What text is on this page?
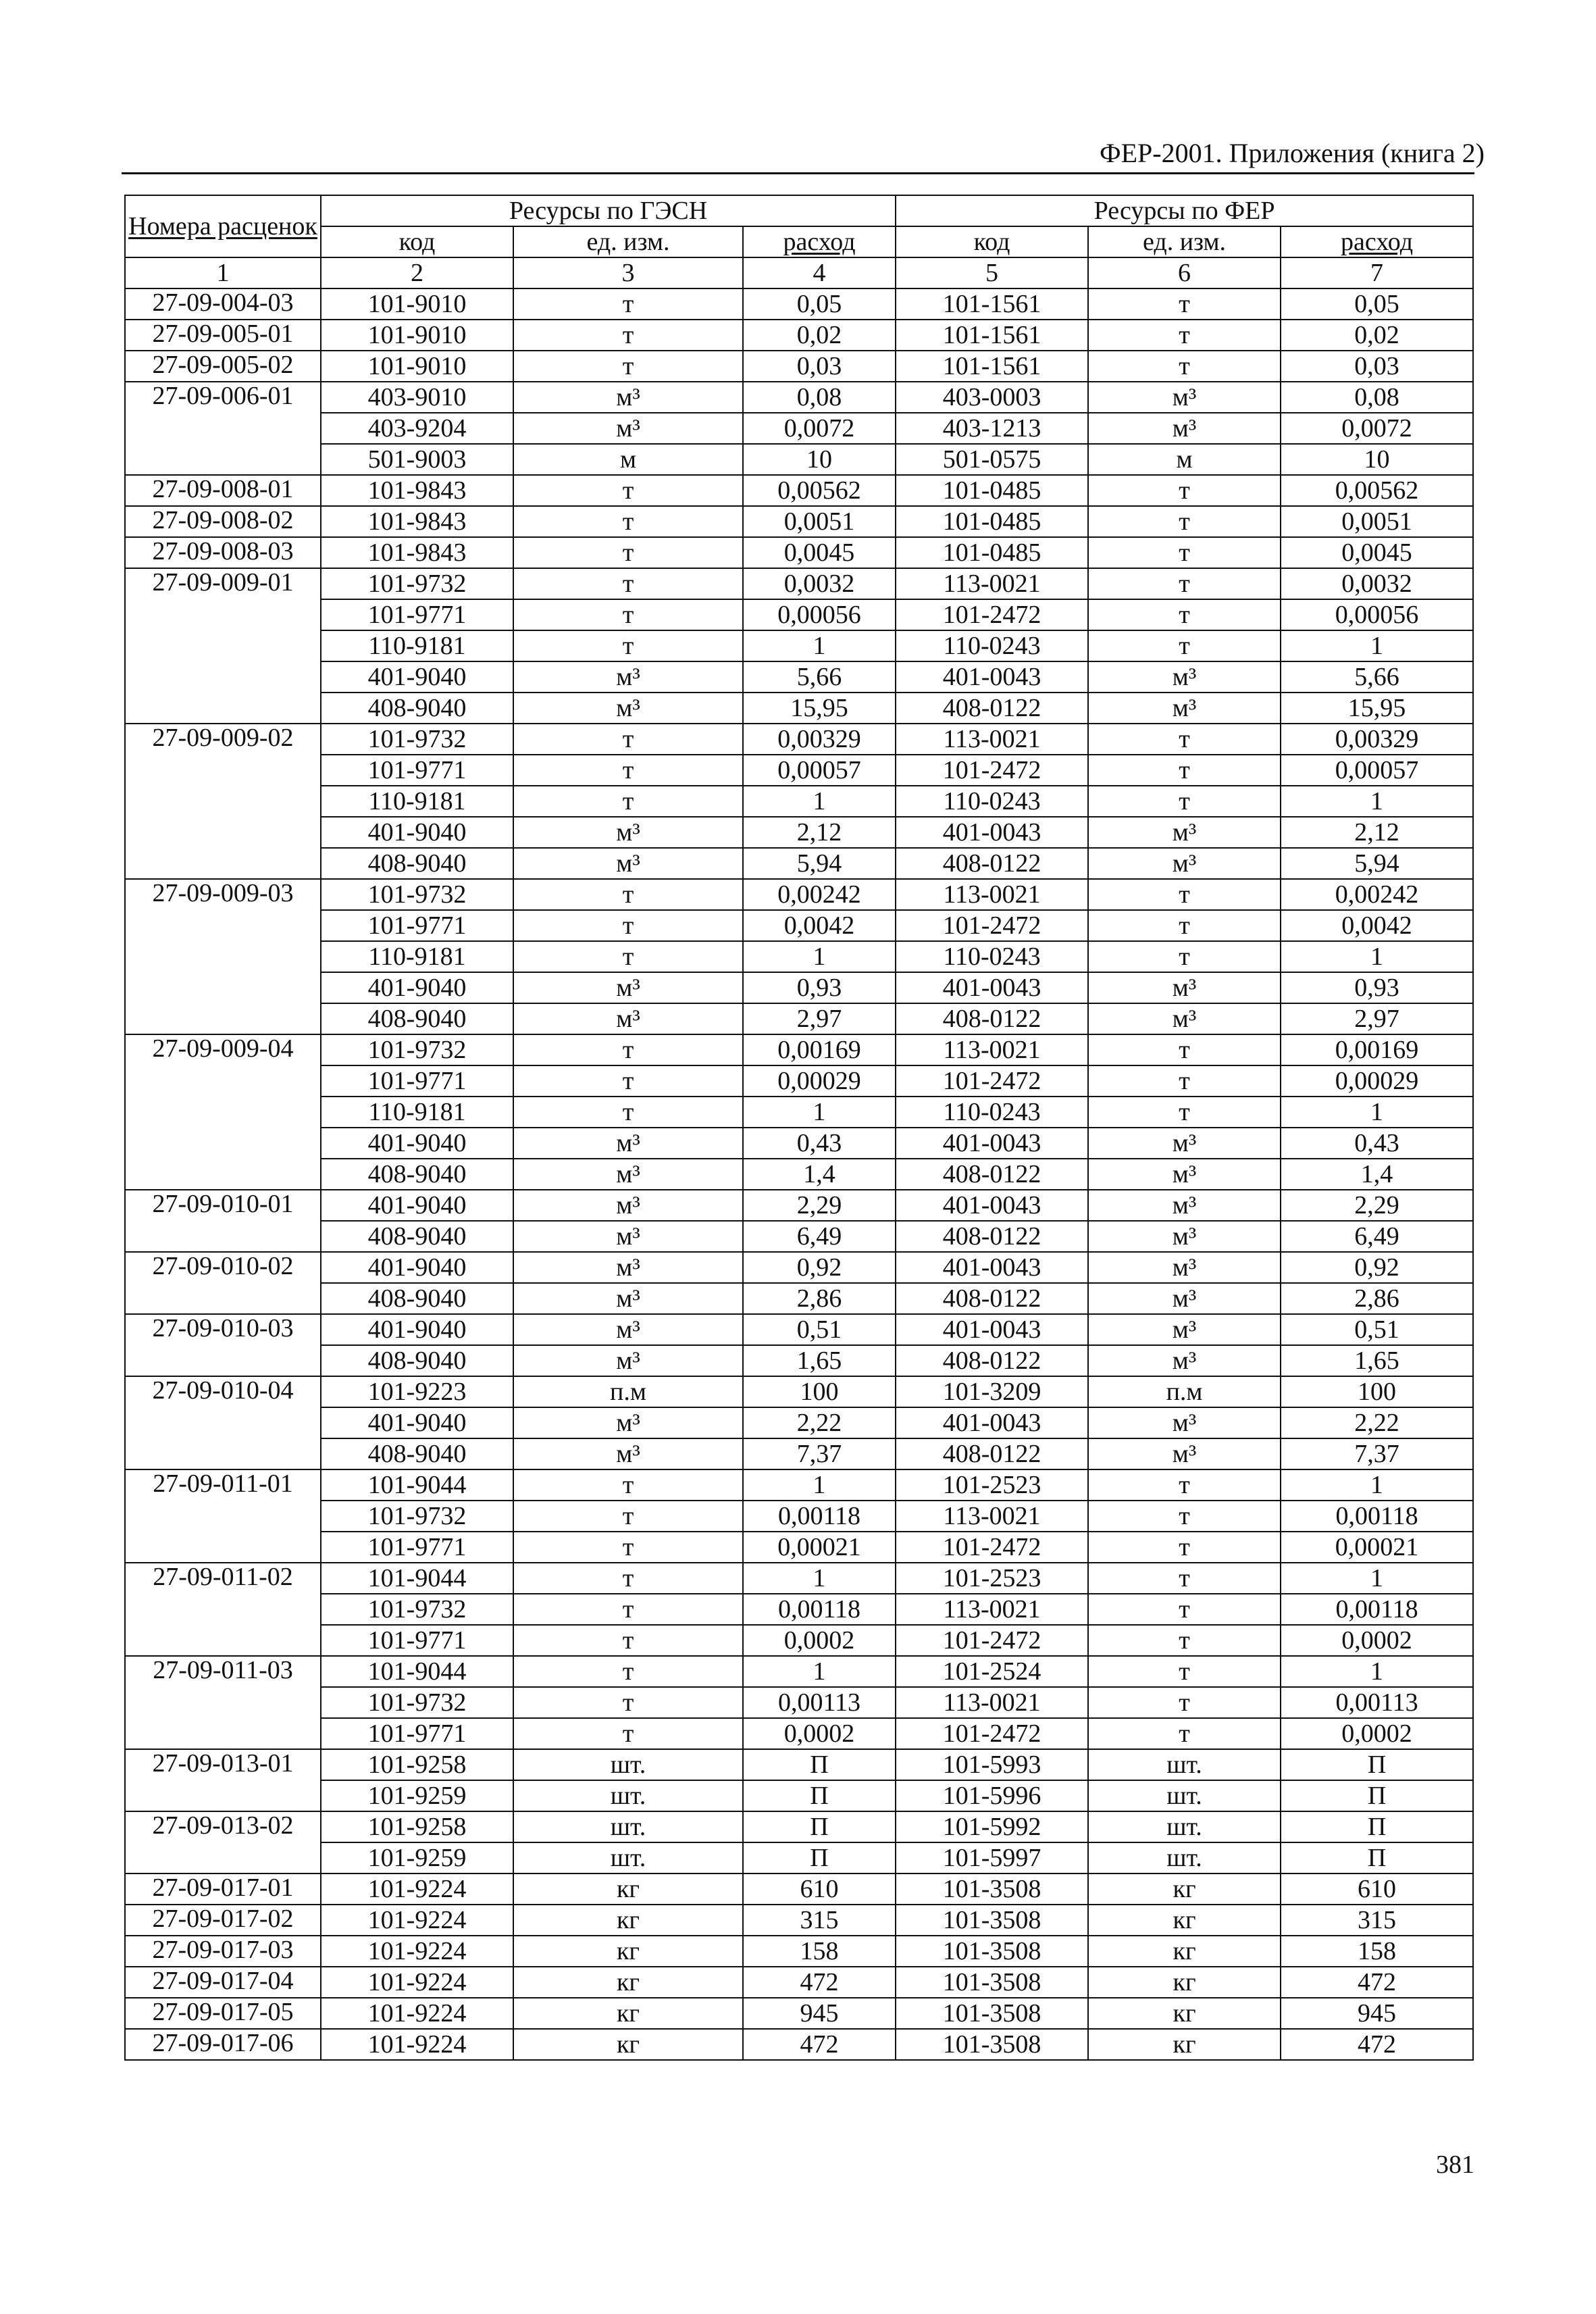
ФЕР-2001. Приложения (книга 2)
Номера расценок	Ресурсы по ГЭСН			Ресурсы по ФЕР		
	код	ед. изм.	расход	код	ед. изм.	расход
1	2	3	4	5	6	7
27-09-004-03	101-9010	т	0,05	101-1561	т	0,05
27-09-005-01	101-9010	т	0,02	101-1561	т	0,02
27-09-005-02	101-9010	т	0,03	101-1561	т	0,03
27-09-006-01	403-9010	м³	0,08	403-0003	м³	0,08
	403-9204	м³	0,0072	403-1213	м³	0,0072
	501-9003	м	10	501-0575	м	10
27-09-008-01	101-9843	т	0,00562	101-0485	т	0,00562
27-09-008-02	101-9843	т	0,0051	101-0485	т	0,0051
27-09-008-03	101-9843	т	0,0045	101-0485	т	0,0045
27-09-009-01	101-9732	т	0,0032	113-0021	т	0,0032
	101-9771	т	0,00056	101-2472	т	0,00056
	110-9181	т	1	110-0243	т	1
	401-9040	м³	5,66	401-0043	м³	5,66
	408-9040	м³	15,95	408-0122	м³	15,95
27-09-009-02	101-9732	т	0,00329	113-0021	т	0,00329
	101-9771	т	0,00057	101-2472	т	0,00057
	110-9181	т	1	110-0243	т	1
	401-9040	м³	2,12	401-0043	м³	2,12
	408-9040	м³	5,94	408-0122	м³	5,94
27-09-009-03	101-9732	т	0,00242	113-0021	т	0,00242
	101-9771	т	0,0042	101-2472	т	0,0042
	110-9181	т	1	110-0243	т	1
	401-9040	м³	0,93	401-0043	м³	0,93
	408-9040	м³	2,97	408-0122	м³	2,97
27-09-009-04	101-9732	т	0,00169	113-0021	т	0,00169
	101-9771	т	0,00029	101-2472	т	0,00029
	110-9181	т	1	110-0243	т	1
	401-9040	м³	0,43	401-0043	м³	0,43
	408-9040	м³	1,4	408-0122	м³	1,4
27-09-010-01	401-9040	м³	2,29	401-0043	м³	2,29
	408-9040	м³	6,49	408-0122	м³	6,49
27-09-010-02	401-9040	м³	0,92	401-0043	м³	0,92
	408-9040	м³	2,86	408-0122	м³	2,86
27-09-010-03	401-9040	м³	0,51	401-0043	м³	0,51
	408-9040	м³	1,65	408-0122	м³	1,65
27-09-010-04	101-9223	п.м	100	101-3209	п.м	100
	401-9040	м³	2,22	401-0043	м³	2,22
	408-9040	м³	7,37	408-0122	м³	7,37
27-09-011-01	101-9044	т	1	101-2523	т	1
	101-9732	т	0,00118	113-0021	т	0,00118
	101-9771	т	0,00021	101-2472	т	0,00021
27-09-011-02	101-9044	т	1	101-2523	т	1
	101-9732	т	0,00118	113-0021	т	0,00118
	101-9771	т	0,0002	101-2472	т	0,0002
27-09-011-03	101-9044	т	1	101-2524	т	1
	101-9732	т	0,00113	113-0021	т	0,00113
	101-9771	т	0,0002	101-2472	т	0,0002
27-09-013-01	101-9258	шт.	П	101-5993	шт.	П
	101-9259	шт.	П	101-5996	шт.	П
27-09-013-02	101-9258	шт.	П	101-5992	шт.	П
	101-9259	шт.	П	101-5997	шт.	П
27-09-017-01	101-9224	кг	610	101-3508	кг	610
27-09-017-02	101-9224	кг	315	101-3508	кг	315
27-09-017-03	101-9224	кг	158	101-3508	кг	158
27-09-017-04	101-9224	кг	472	101-3508	кг	472
27-09-017-05	101-9224	кг	945	101-3508	кг	945
27-09-017-06	101-9224	кг	472	101-3508	кг	472
381
